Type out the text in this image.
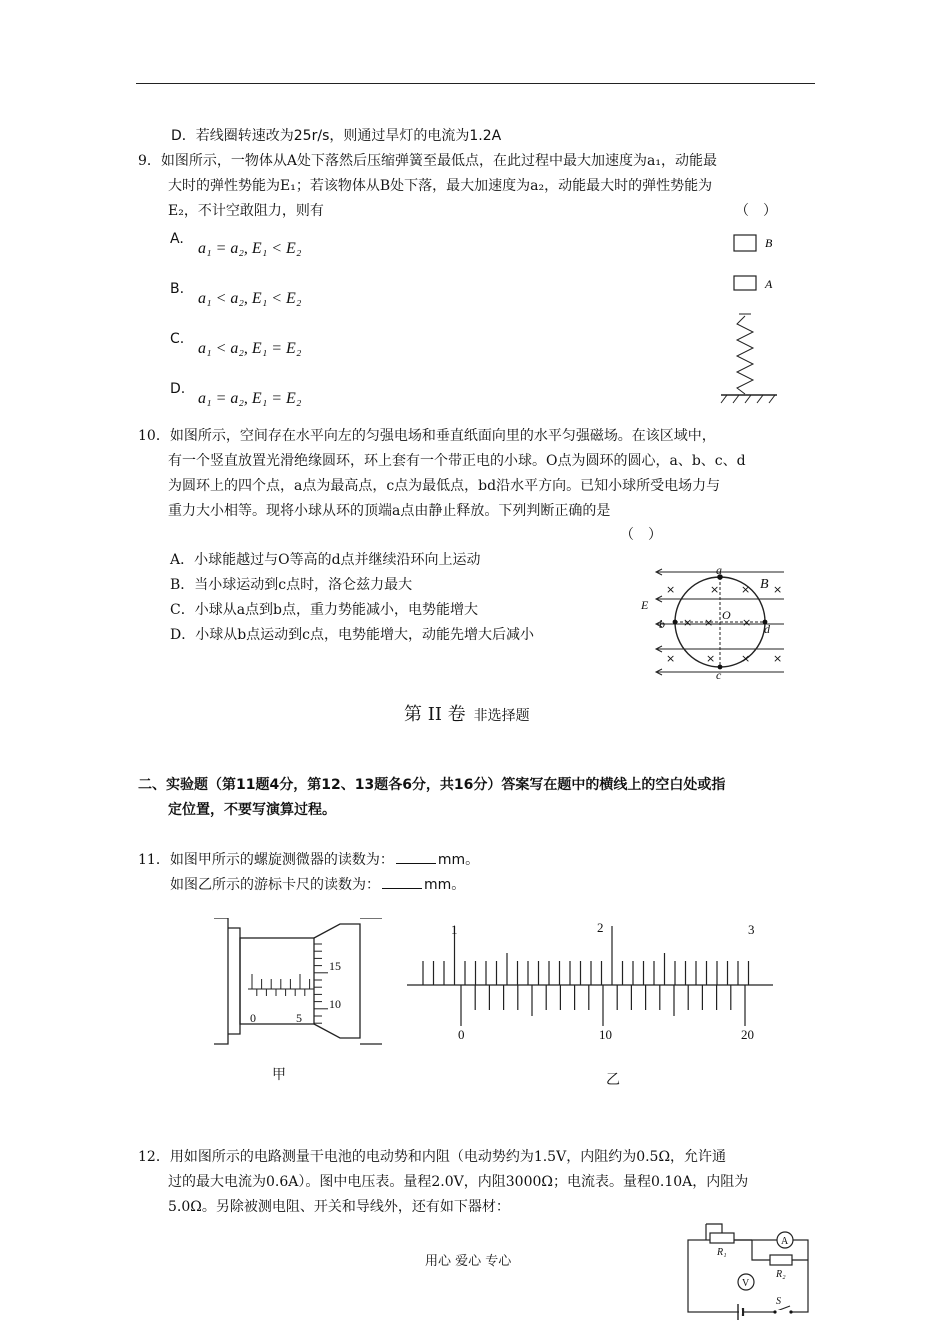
D．若线圈转速改为25r/s，则通过旱灯的电流为1.2A
9．如图所示，一物体从A处下落然后压缩弹簧至最低点，在此过程中最大加速度为a₁，动能最
大时的弹性势能为E₁；若该物体从B处下落，最大加速度为a₂，动能最大时的弹性势能为
E₂，不计空敢阻力，则有	（　）
A.
a₁ = a₂, E₁ < E₂
B.
a₁ < a₂, E₁ < E₂
C.
a₁ < a₂, E₁ = E₂
D.
a₁ = a₂, E₁ = E₂
B
A
10．如图所示，空间存在水平向左的匀强电场和垂直纸面向里的水平匀强磁场。在该区域中，
有一个竖直放置光滑绝缘圆环，环上套有一个带正电的小球。O点为圆环的圆心，a、b、c、d
为圆环上的四个点，a点为最高点，c点为最低点，bd沿水平方向。已知小球所受电场力与
重力大小相等。现将小球从环的顶端a点由静止释放。下列判断正确的是
（　）
A．小球能越过与O等高的d点并继续沿环向上运动
B．当小球运动到c点时，洛仑兹力最大
C．小球从a点到b点，重力势能减小，电势能增大
D．小球从b点运动到c点，电势能增大，动能先增大后减小
a
b
c
d
O
E
B
×	× × ×
× ×	×
×	× × ×
第 II 卷 非选择题
二、实验题（第11题4分，第12、13题各6分，共16分）答案写在题中的横线上的空白处或指
定位置，不要写演算过程。
11．如图甲所示的螺旋测微器的读数为：	mm。
如图乙所示的游标卡尺的读数为：	mm。
0	5
15
10
甲
1	2	3
0	10	20
乙
12．用如图所示的电路测量干电池的电动势和内阻（电动势约为1.5V，内阻约为0.5Ω，允许通
过的最大电流为0.6A）。图中电压表。量程2.0V，内阻3000Ω；电流表。量程0.10A，内阻为
5.0Ω。另除被测电阻、开关和导线外，还有如下器材：
R₁
R₂
A
V
S
用心 爱心 专心
